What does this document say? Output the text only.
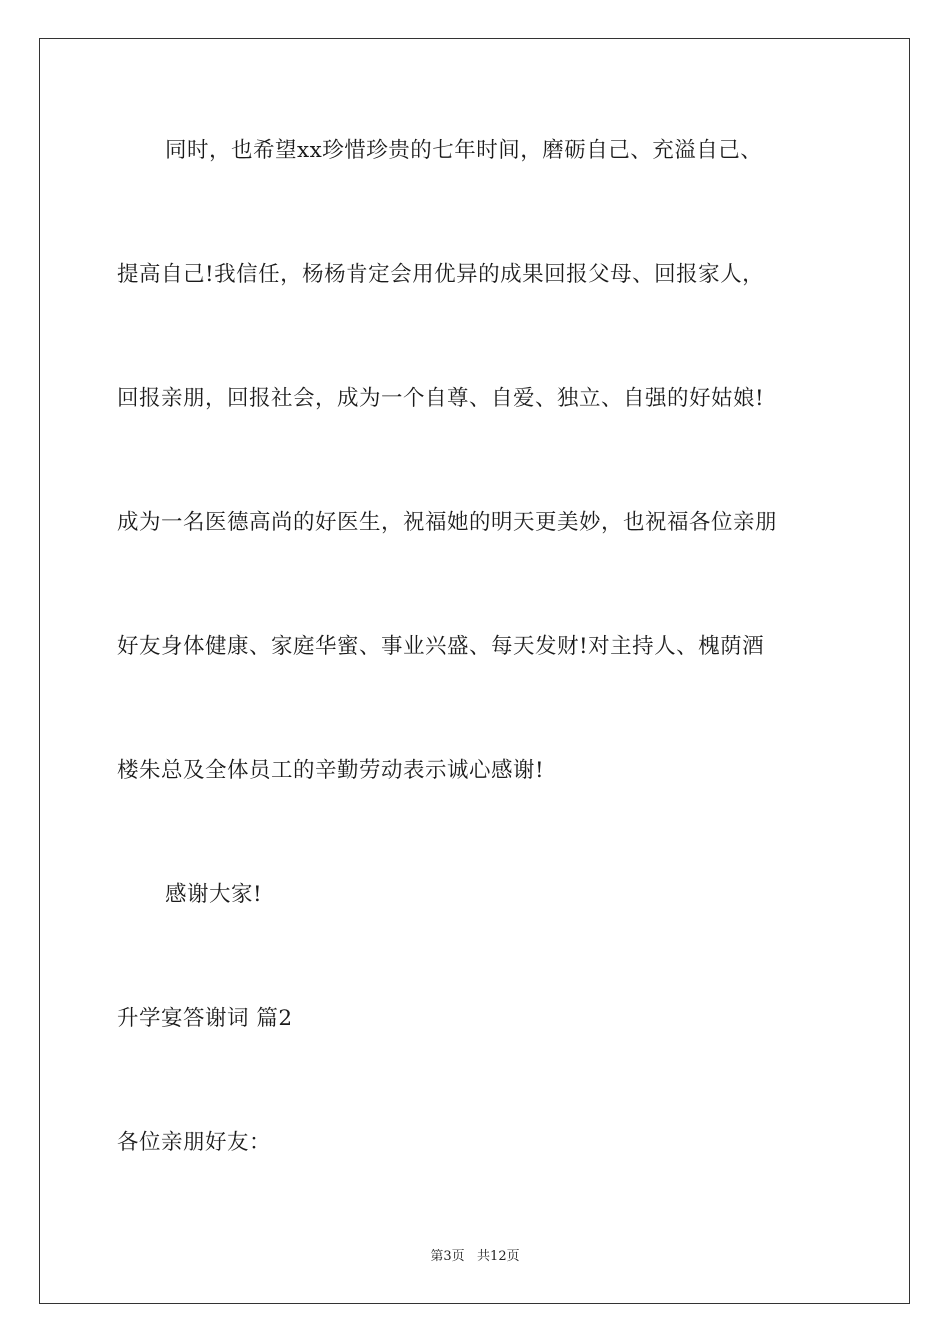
同时，也希望xx珍惜珍贵的七年时间，磨砺自己、充溢自己、
提高自己!我信任，杨杨肯定会用优异的成果回报父母、回报家人，
回报亲朋，回报社会，成为一个自尊、自爱、独立、自强的好姑娘!
成为一名医德高尚的好医生，祝福她的明天更美妙，也祝福各位亲朋
好友身体健康、家庭华蜜、事业兴盛、每天发财!对主持人、槐荫酒
楼朱总及全体员工的辛勤劳动表示诚心感谢!
感谢大家!
升学宴答谢词 篇2
各位亲朋好友：
第3页   共12页
